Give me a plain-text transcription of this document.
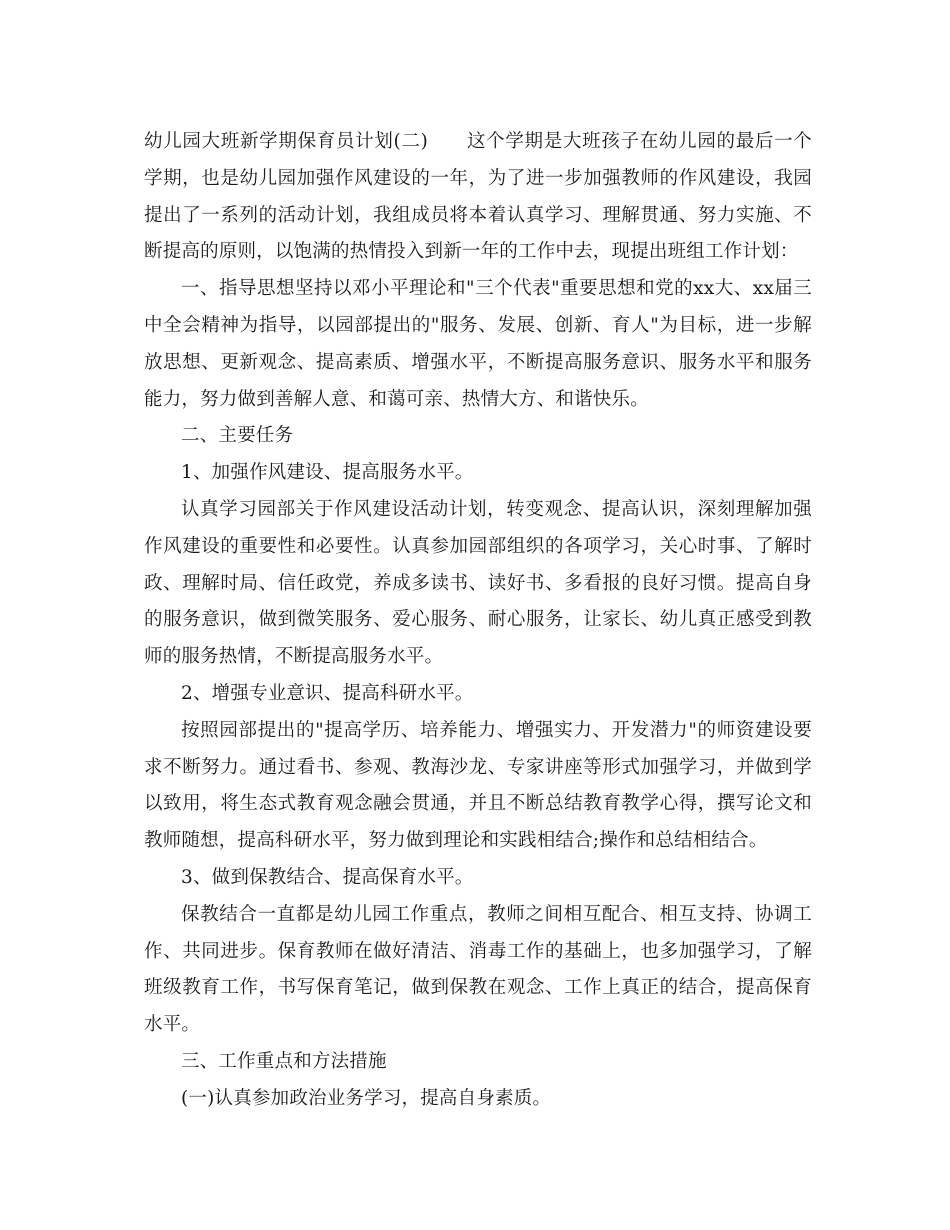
幼儿园大班新学期保育员计划(二)　　这个学期是大班孩子在幼儿园的最后一个学期，也是幼儿园加强作风建设的一年，为了进一步加强教师的作风建设，我园提出了一系列的活动计划，我组成员将本着认真学习、理解贯通、努力实施、不断提高的原则，以饱满的热情投入到新一年的工作中去，现提出班组工作计划：

一、指导思想坚持以邓小平理论和"三个代表"重要思想和党的xx大、xx届三中全会精神为指导，以园部提出的"服务、发展、创新、育人"为目标，进一步解放思想、更新观念、提高素质、增强水平，不断提高服务意识、服务水平和服务能力，努力做到善解人意、和蔼可亲、热情大方、和谐快乐。

二、主要任务

1、加强作风建设、提高服务水平。

认真学习园部关于作风建设活动计划，转变观念、提高认识，深刻理解加强作风建设的重要性和必要性。认真参加园部组织的各项学习，关心时事、了解时政、理解时局、信任政党，养成多读书、读好书、多看报的良好习惯。提高自身的服务意识，做到微笑服务、爱心服务、耐心服务，让家长、幼儿真正感受到教师的服务热情，不断提高服务水平。

2、增强专业意识、提高科研水平。

按照园部提出的"提高学历、培养能力、增强实力、开发潜力"的师资建设要求不断努力。通过看书、参观、教海沙龙、专家讲座等形式加强学习，并做到学以致用，将生态式教育观念融会贯通，并且不断总结教育教学心得，撰写论文和教师随想，提高科研水平，努力做到理论和实践相结合;操作和总结相结合。

3、做到保教结合、提高保育水平。

保教结合一直都是幼儿园工作重点，教师之间相互配合、相互支持、协调工作、共同进步。保育教师在做好清洁、消毒工作的基础上，也多加强学习，了解班级教育工作，书写保育笔记，做到保教在观念、工作上真正的结合，提高保育水平。

三、工作重点和方法措施

(一)认真参加政治业务学习，提高自身素质。
